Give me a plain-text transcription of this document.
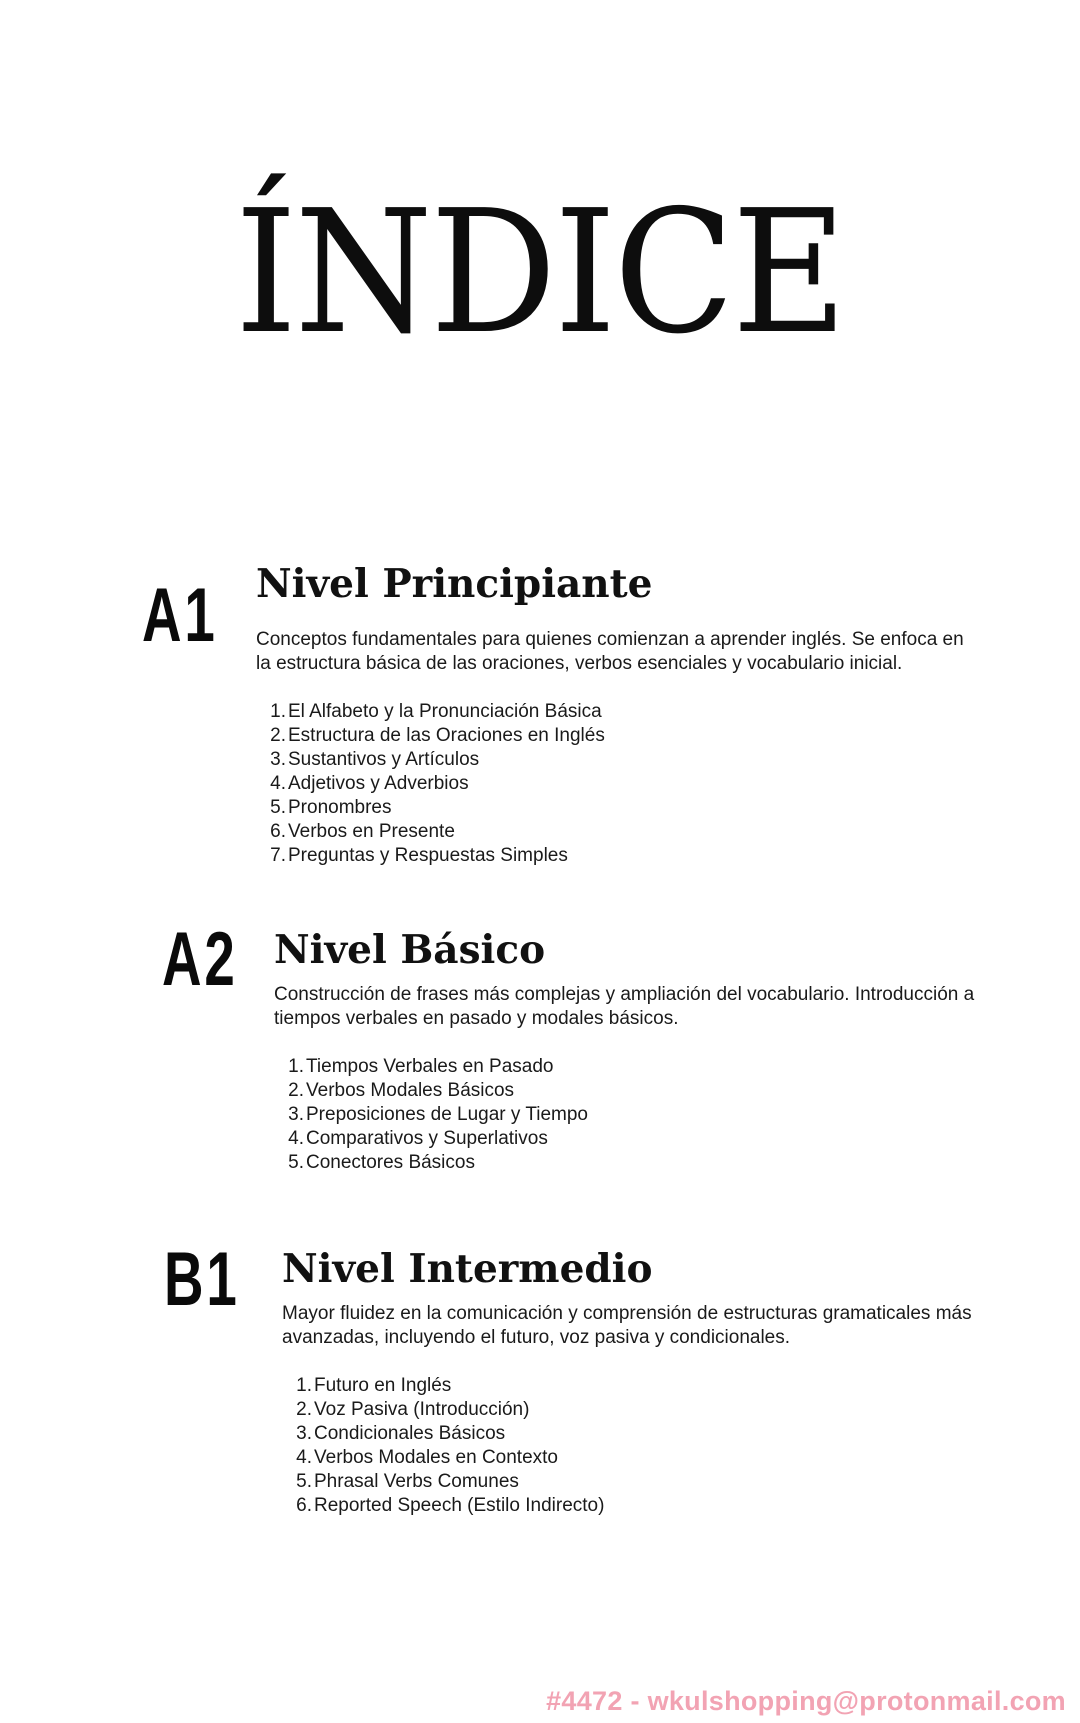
ÍNDICE
A1 Nivel Principiante

Conceptos fundamentales para quienes comienzan a aprender inglés. Se enfoca en la estructura básica de las oraciones, verbos esenciales y vocabulario inicial.

1. El Alfabeto y la Pronunciación Básica
2. Estructura de las Oraciones en Inglés
3. Sustantivos y Artículos
4. Adjetivos y Adverbios
5. Pronombres
6. Verbos en Presente
7. Preguntas y Respuestas Simples
A2 Nivel Básico

Construcción de frases más complejas y ampliación del vocabulario. Introducción a tiempos verbales en pasado y modales básicos.

1. Tiempos Verbales en Pasado
2. Verbos Modales Básicos
3. Preposiciones de Lugar y Tiempo
4. Comparativos y Superlativos
5. Conectores Básicos
B1 Nivel Intermedio

Mayor fluidez en la comunicación y comprensión de estructuras gramaticales más avanzadas, incluyendo el futuro, voz pasiva y condicionales.

1. Futuro en Inglés
2. Voz Pasiva (Introducción)
3. Condicionales Básicos
4. Verbos Modales en Contexto
5. Phrasal Verbs Comunes
6. Reported Speech (Estilo Indirecto)
#4472 - wkulshopping@protonmail.com
